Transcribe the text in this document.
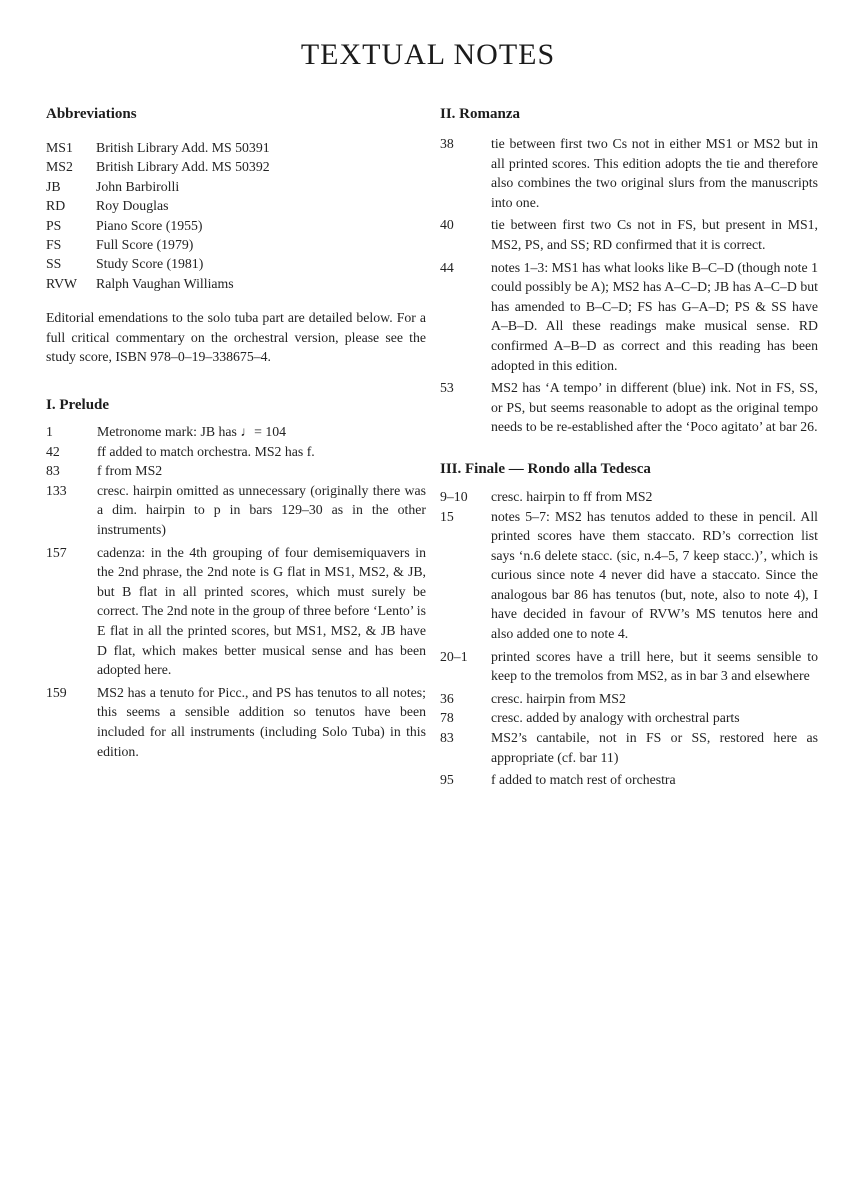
TEXTUAL NOTES
Abbreviations
MS1	British Library Add. MS 50391
MS2	British Library Add. MS 50392
JB	John Barbirolli
RD	Roy Douglas
PS	Piano Score (1955)
FS	Full Score (1979)
SS	Study Score (1981)
RVW	Ralph Vaughan Williams

Editorial emendations to the solo tuba part are detailed below. For a full critical commentary on the orchestral version, please see the study score, ISBN 978–0–19–338675–4.

I. Prelude
1	Metronome mark: JB has ♩= 104
42	ff added to match orchestra. MS2 has f.
83	f from MS2
133	cresc. hairpin omitted as unnecessary (originally there was a dim. hairpin to p in bars 129–30 as in the other instruments)
157	cadenza: in the 4th grouping of four demisemiquavers in the 2nd phrase, the 2nd note is G flat in MS1, MS2, & JB, but B flat in all printed scores, which must surely be correct. The 2nd note in the group of three before ‘Lento’ is E flat in all the printed scores, but MS1, MS2, & JB have D flat, which makes better musical sense and has been adopted here.
159	MS2 has a tenuto for Picc., and PS has tenutos to all notes; this seems a sensible addition so tenutos have been included for all instruments (including Solo Tuba) in this edition.
II. Romanza
38	tie between first two Cs not in either MS1 or MS2 but in all printed scores. This edition adopts the tie and therefore also combines the two original slurs from the manuscripts into one.
40	tie between first two Cs not in FS, but present in MS1, MS2, PS, and SS; RD confirmed that it is correct.
44	notes 1–3: MS1 has what looks like B–C–D (though note 1 could possibly be A); MS2 has A–C–D; JB has A–C–D but has amended to B–C–D; FS has G–A–D; PS & SS have A–B–D. All these readings make musical sense. RD confirmed A–B–D as correct and this reading has been adopted in this edition.
53	MS2 has ‘A tempo’ in different (blue) ink. Not in FS, SS, or PS, but seems reasonable to adopt as the original tempo needs to be re-established after the ‘Poco agitato’ at bar 26.
III. Finale — Rondo alla Tedesca
9–10	cresc. hairpin to ff from MS2
15	notes 5–7: MS2 has tenutos added to these in pencil. All printed scores have them staccato. RD’s correction list says ‘n.6 delete stacc. (sic, n.4–5, 7 keep stacc.)’, which is curious since note 4 never did have a staccato. Since the analogous bar 86 has tenutos (but, note, also to note 4), I have decided in favour of RVW’s MS tenutos here and also added one to note 4.
20–1	printed scores have a trill here, but it seems sensible to keep to the tremolos from MS2, as in bar 3 and elsewhere
36	cresc. hairpin from MS2
78	cresc. added by analogy with orchestral parts
83	MS2’s cantabile, not in FS or SS, restored here as appropriate (cf. bar 11)
95	f added to match rest of orchestra
